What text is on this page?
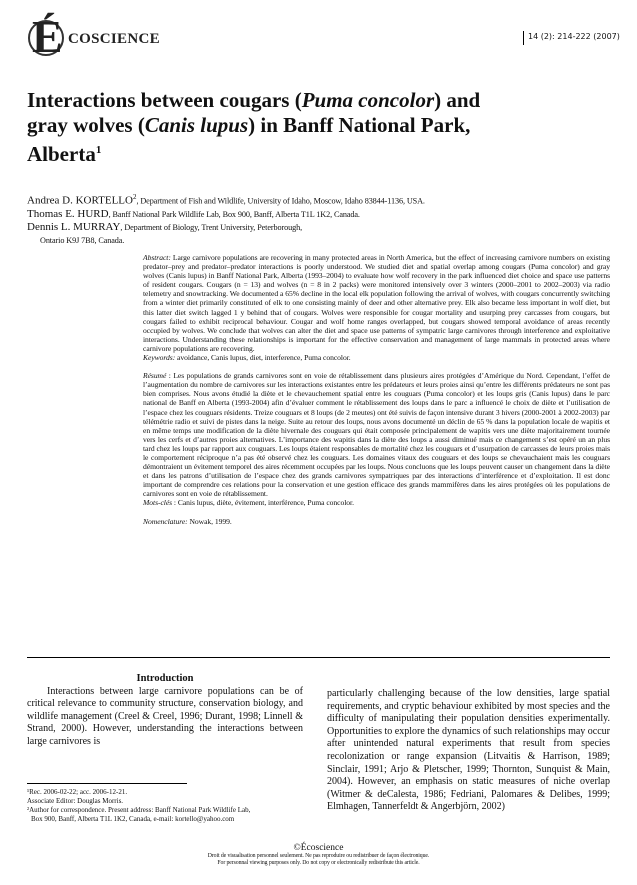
É COSCIENCE	14 (2): 214-222 (2007)
Interactions between cougars (Puma concolor) and gray wolves (Canis lupus) in Banff National Park, Alberta$^1$

Andrea D. KORTELLO$^2$, Department of Fish and Wildlife, University of Idaho, Moscow, Idaho 83844-1136, USA.

Thomas E. HURD, Banff National Park Wildlife Lab, Box 900, Banff, Alberta T1L 1K2, Canada.

Dennis L. MURRAY, Department of Biology, Trent University, Peterborough,

Ontario K9J 7B8, Canada.

Abstract: Large carnivore populations are recovering in many protected areas in North America, but the effect of increasing carnivore numbers on existing predator–prey and predator–predator interactions is poorly understood. We studied diet and spatial overlap among cougars (Puma concolor) and gray wolves (Canis lupus) in Banff National Park, Alberta (1993–2004) to evaluate how wolf recovery in the park influenced diet choice and space use patterns of resident cougars. Cougars (n = 13) and wolves (n = 8 in 2 packs) were monitored intensively over 3 winters (2000–2001 to 2002–2003) via radio telemetry and snowtracking. We documented a 65% decline in the local elk population following the arrival of wolves, with cougars concurrently switching from a winter diet primarily constituted of elk to one consisting mainly of deer and other alternative prey. Elk also became less important in wolf diet, but this latter diet switch lagged 1 y behind that of cougars. Wolves were responsible for cougar mortality and usurping prey carcasses from cougars, but cougars failed to exhibit reciprocal behaviour. Cougar and wolf home ranges overlapped, but cougars showed temporal avoidance of areas recently occupied by wolves. We conclude that wolves can alter the diet and space use patterns of sympatric large carnivores through interference and exploitative interactions. Understanding these relationships is important for the effective conservation and management of large mammals in protected areas where carnivore populations are recovering.

Keywords: avoidance, Canis lupus, diet, interference, Puma concolor.

Résumé : Les populations de grands carnivores sont en voie de rétablissement dans plusieurs aires protégées d’Amérique du Nord. Cependant, l’effet de l’augmentation du nombre de carnivores sur les interactions existantes entre les prédateurs et leurs proies ainsi qu’entre les différents prédateurs ne sont pas bien comprises. Nous avons étudié la diète et le chevauchement spatial entre les couguars (Puma concolor) et les loups gris (Canis lupus) dans le parc national de Banff en Alberta (1993-2004) afin d’évaluer comment le rétablissement des loups dans le parc a influencé le choix de diète et l’utilisation de l’espace chez les couguars résidents. Treize couguars et 8 loups (de 2 meutes) ont été suivis de façon intensive durant 3 hivers (2000-2001 à 2002-2003) par télémétrie radio et suivi de pistes dans la neige. Suite au retour des loups, nous avons documenté un déclin de 65 % dans la population locale de wapitis et en même temps une modification de la diète hivernale des couguars qui était composée principalement de wapitis vers une diète majoritairement tournée vers les cerfs et d’autres proies alternatives. L’importance des wapitis dans la diète des loups a aussi diminué mais ce changement s’est opéré un an plus tard chez les loups par rapport aux couguars. Les loups étaient responsables de mortalité chez les couguars et d’usurpation de carcasses de leurs proies mais le comportement réciproque n’a pas été observé chez les couguars. Les domaines vitaux des couguars et des loups se chevauchaient mais les couguars démontraient un évitement temporel des aires récemment occupées par les loups. Nous concluons que les loups peuvent causer un changement dans la diète et dans les patrons d’utilisation de l’espace chez des grands carnivores sympatriques par des interactions d’interférence et d’exploitation. Il est donc important de comprendre ces relations pour la conservation et une gestion efficace des grands mammifères dans les aires protégées où les populations de carnivores sont en voie de rétablissement.

Mots-clés : Canis lupus, diète, évitement, interférence, Puma concolor.

Nomenclature: Nowak, 1999.

Introduction

Interactions between large carnivore populations can be of critical relevance to community structure, conservation biology, and wildlife management (Creel & Creel, 1996; Durant, 1998; Linnell & Strand, 2000). However, understanding the interactions between large carnivores is

¹Rec. 2006-02-22; acc. 2006-12-21.

Associate Editor: Douglas Morris.

²Author for correspondence. Present address: Banff National Park Wildlife Lab,

Box 900, Banff, Alberta T1L 1K2, Canada, e-mail: kortello@yahoo.com

particularly challenging because of the low densities, large spatial requirements, and cryptic behaviour exhibited by most species and the difficulty of manipulating their population densities experimentally. Opportunities to explore the dynamics of such relationships may occur after unintended natural experiments that result from species recolonization or range expansion (Litvaitis & Harrison, 1989; Sinclair, 1991; Arjo & Pletscher, 1999; Thornton, Sunquist & Main, 2004). However, an emphasis on static measures of niche overlap (Witmer & deCalesta, 1986; Fedriani, Palomares & Delibes, 1999; Elmhagen, Tannerfeldt & Angerbjörn, 2002)

©Écoscience

Droit de visualisation personnel seulement. Ne pas reproduire ou redistribuer de façon électronique.

For personnal viewing purposes only. Do not copy or electronically redistribute this article.
